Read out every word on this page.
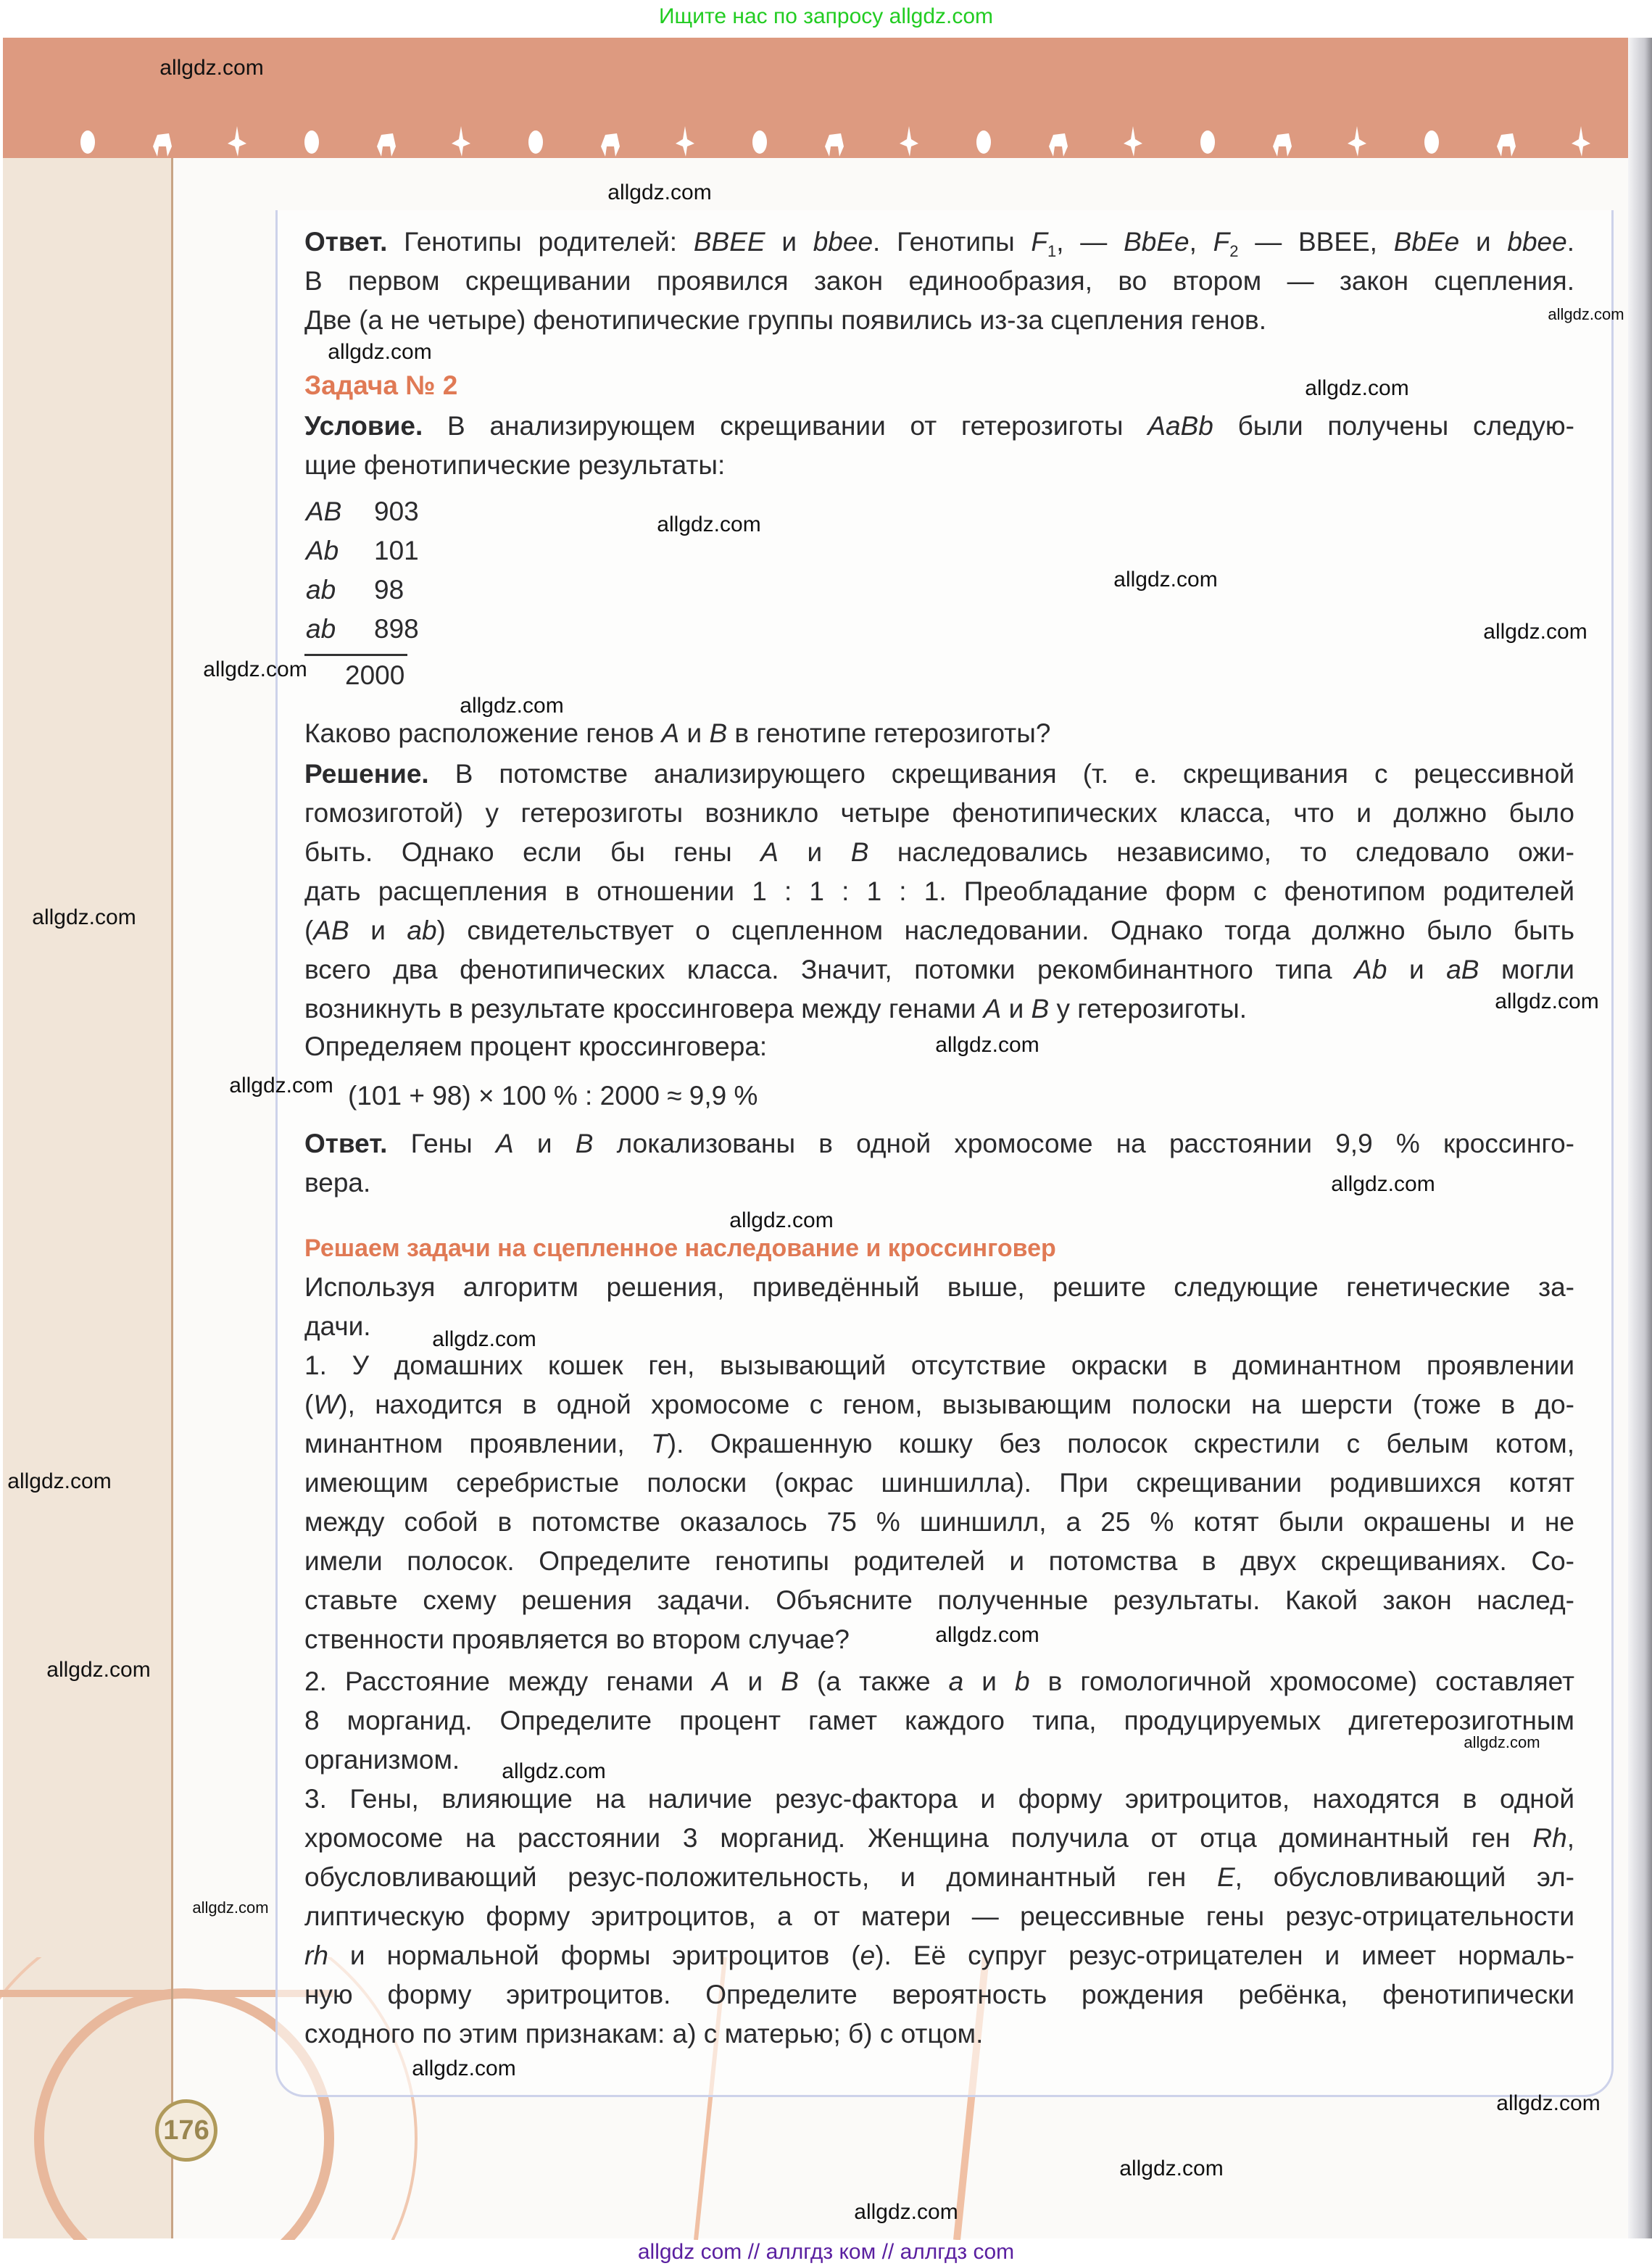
Ищите нас по запросу allgdz.com
Ответ. Генотипы родителей: BBEE и bbee. Генотипы $F_1$, — BbEe, $F_2$ — BBEE, BbEe и bbee.
В первом скрещивании проявился закон единообразия, во втором — закон сцепления.
Две (а не четыре) фенотипические группы появились из-за сцепления генов.
Задача № 2
Условие. В анализирующем скрещивании от гетерозиготы AaBb были получены следую-
щие фенотипические результаты:
Каково расположение генов A и B в генотипе гетерозиготы?
Решение. В потомстве анализирующего скрещивания (т. е. скрещивания с рецессивной
гомозиготой) у гетерозиготы возникло четыре фенотипических класса, что и должно было
быть. Однако если бы гены A и B наследовались независимо, то следовало ожи-
дать расщепления в отношении 1 : 1 : 1 : 1. Преобладание форм с фенотипом родителей
(AB и ab) свидетельствует о сцепленном наследовании. Однако тогда должно было быть
всего два фенотипических класса. Значит, потомки рекомбинантного типа Ab и aB могли
возникнуть в результате кроссинговера между генами A и B у гетерозиготы.
Определяем процент кроссинговера:
(101 + 98) × 100 % : 2000 ≈ 9,9 %
Ответ. Гены A и B локализованы в одной хромосоме на расстоянии 9,9 % кроссинго-
вера.
Решаем задачи на сцепленное наследование и кроссинговер
Используя алгоритм решения, приведённый выше, решите следующие генетические за-
дачи.
1. У домашних кошек ген, вызывающий отсутствие окраски в доминантном проявлении
(W), находится в одной хромосоме с геном, вызывающим полоски на шерсти (тоже в до-
минантном проявлении, T). Окрашенную кошку без полосок скрестили с белым котом,
имеющим серебристые полоски (окрас шиншилла). При скрещивании родившихся котят
между собой в потомстве оказалось 75 % шиншилл, а 25 % котят были окрашены и не
имели полосок. Определите генотипы родителей и потомства в двух скрещиваниях. Со-
ставьте схему решения задачи. Объясните полученные результаты. Какой закон наслед-
ственности проявляется во втором случае?
2. Расстояние между генами A и B (а также a и b в гомологичной хромосоме) составляет
8 морганид. Определите процент гамет каждого типа, продуцируемых дигетерозиготным
организмом.
3. Гены, влияющие на наличие резус-фактора и форму эритроцитов, находятся в одной
хромосоме на расстоянии 3 морганид. Женщина получила от отца доминантный ген Rh,
обусловливающий резус-положительность, и доминантный ген E, обусловливающий эл-
липтическую форму эритроцитов, а от матери — рецессивные гены резус-отрицательности
rh и нормальной формы эритроцитов (e). Её супруг резус-отрицателен и имеет нормаль-
ную форму эритроцитов. Определите вероятность рождения ребёнка, фенотипически
сходного по этим признакам: а) с матерью; б) с отцом.
AB 903
Ab 101
ab 98
ab 898
2000
176
allgdz.com
allgdz.com
allgdz.com
allgdz.com
allgdz.com
allgdz.com
allgdz.com
allgdz.com
allgdz.com
allgdz.com
allgdz.com
allgdz.com
allgdz.com
allgdz.com
allgdz.com
allgdz.com
allgdz.com
allgdz.com
allgdz.com
allgdz.com
allgdz.com
allgdz.com
allgdz.com
allgdz.com
allgdz.com
allgdz.com
allgdz.com
allgdz com // аллгдз ком // аллгдз com
